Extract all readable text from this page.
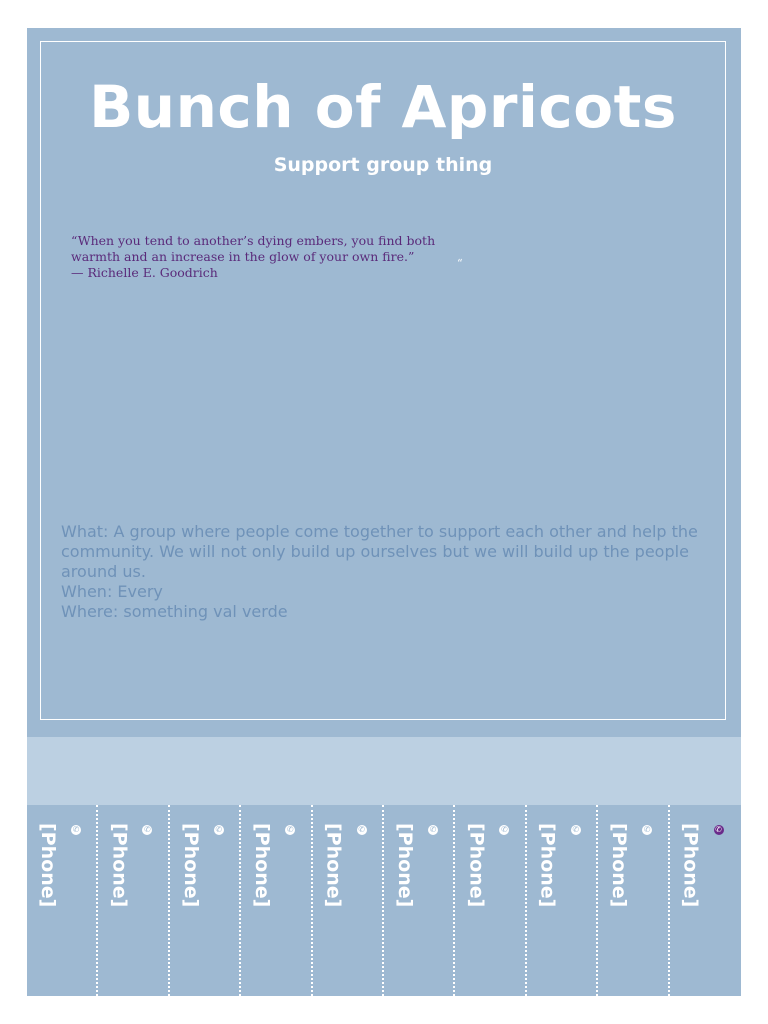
Bunch of Apricots
Support group thing
“When you tend to another’s dying embers, you find both
warmth and an increase in the glow of your own fire.”
— Richelle E. Goodrich
“
What: A group where people come together to support each other and help the community. We will not only build up ourselves but we will build up the people around us.
When: Every
Where: something val verde
[Phone] ✆ [Phone] ✆ [Phone] ✆ [Phone] ✆ [Phone] ✆ [Phone] ✆ [Phone] ✆ [Phone] ✆ [Phone] ✆ [Phone] ✆
